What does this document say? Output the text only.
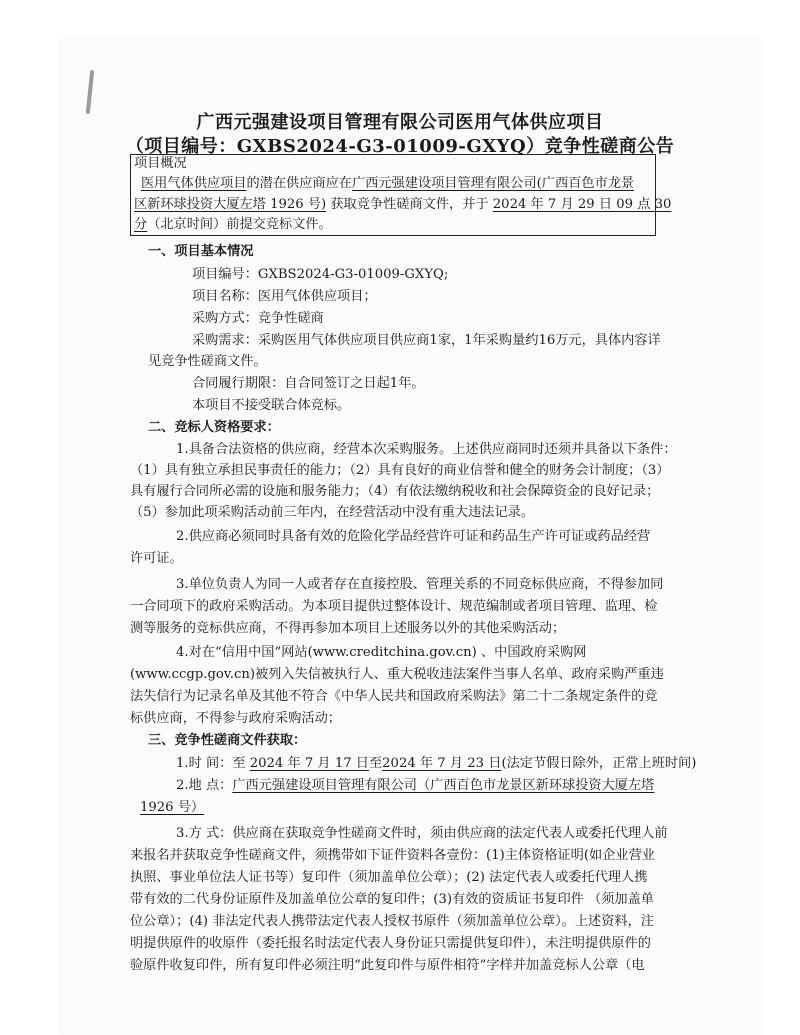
广西元强建设项目管理有限公司医用气体供应项目
（项目编号：GXBS2024-G3-01009-GXYQ）竞争性磋商公告
项目概况
医用气体供应项目的潜在供应商应在广西元强建设项目管理有限公司(广西百色市龙景
区新环球投资大厦左塔 1926 号) 获取竞争性磋商文件，并于 2024 年 7 月 29 日 09 点 30
分（北京时间）前提交竞标文件。
一、项目基本情况
项目编号：GXBS2024-G3-01009-GXYQ;
项目名称：医用气体供应项目；
采购方式：竞争性磋商
采购需求：采购医用气体供应项目供应商1家，1年采购量约16万元，具体内容详
见竞争性磋商文件。
合同履行期限：自合同签订之日起1年。
本项目不接受联合体竞标。
二、竞标人资格要求：
1.具备合法资格的供应商，经营本次采购服务。上述供应商同时还须并具备以下条件：
（1）具有独立承担民事责任的能力；（2）具有良好的商业信誉和健全的财务会计制度；（3）
具有履行合同所必需的设施和服务能力；（4）有依法缴纳税收和社会保障资金的良好记录；
（5）参加此项采购活动前三年内，在经营活动中没有重大违法记录。
2.供应商必须同时具备有效的危险化学品经营许可证和药品生产许可证或药品经营
许可证。
3.单位负责人为同一人或者存在直接控股、管理关系的不同竞标供应商，不得参加同
一合同项下的政府采购活动。为本项目提供过整体设计、规范编制或者项目管理、监理、检
测等服务的竞标供应商，不得再参加本项目上述服务以外的其他采购活动；
4.对在“信用中国”网站(www.creditchina.gov.cn) 、中国政府采购网
(www.ccgp.gov.cn)被列入失信被执行人、重大税收违法案件当事人名单、政府采购严重违
法失信行为记录名单及其他不符合《中华人民共和国政府采购法》第二十二条规定条件的竞
标供应商，不得参与政府采购活动；
三、竞争性磋商文件获取：
1.时 间：至 2024 年 7 月 17 日至2024 年 7 月 23 日(法定节假日除外，正常上班时间)
2.地 点：广西元强建设项目管理有限公司（广西百色市龙景区新环球投资大厦左塔
1926 号）
3.方 式：供应商在获取竞争性磋商文件时，须由供应商的法定代表人或委托代理人前
来报名并获取竞争性磋商文件，须携带如下证件资料各壹份：(1)主体资格证明(如企业营业
执照、事业单位法人证书等）复印件（须加盖单位公章）；(2) 法定代表人或委托代理人携
带有效的二代身份证原件及加盖单位公章的复印件；(3)有效的资质证书复印件 （须加盖单
位公章）；(4) 非法定代表人携带法定代表人授权书原件（须加盖单位公章）。上述资料，注
明提供原件的收原件（委托报名时法定代表人身份证只需提供复印件），未注明提供原件的
验原件收复印件，所有复印件必须注明“此复印件与原件相符”字样并加盖竞标人公章（电
